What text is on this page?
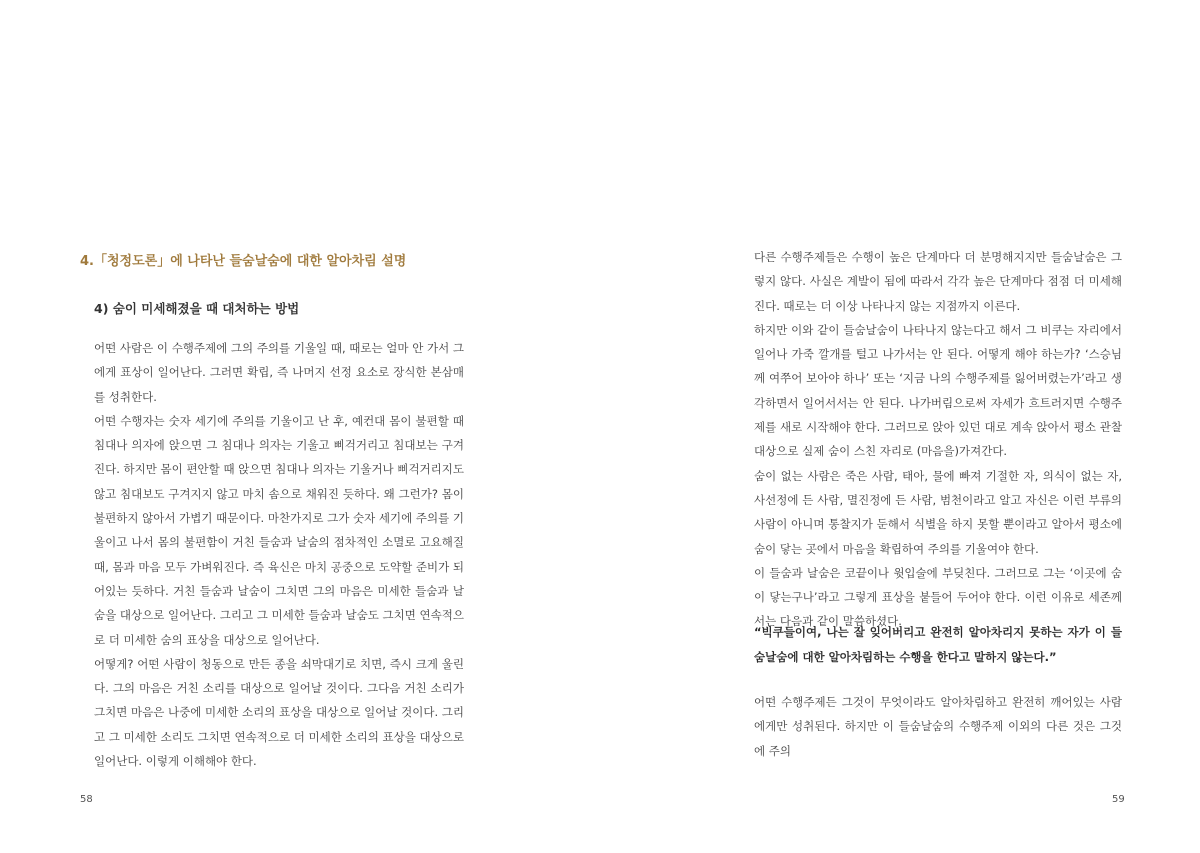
4.「청정도론」에 나타난 들숨날숨에 대한 알아차림 설명
4) 숨이 미세해졌을 때 대처하는 방법

어떤 사람은 이 수행주제에 그의 주의를 기울일 때, 때로는 얼마 안 가서 그에게 표상이 일어난다. 그러면 확립, 즉 나머지 선정 요소로 장식한 본삼매를 성취한다.

어떤 수행자는 숫자 세기에 주의를 기울이고 난 후, 예컨대 몸이 불편할 때 침대나 의자에 앉으면 그 침대나 의자는 기울고 삐걱거리고 침대보는 구겨진다. 하지만 몸이 편안할 때 앉으면 침대나 의자는 기울거나 삐걱거리지도 않고 침대보도 구겨지지 않고 마치 솜으로 채워진 듯하다. 왜 그런가? 몸이 불편하지 않아서 가볍기 때문이다. 마찬가지로 그가 숫자 세기에 주의를 기울이고 나서 몸의 불편함이 거친 들숨과 날숨의 점차적인 소멸로 고요해질 때, 몸과 마음 모두 가벼워진다. 즉 육신은 마치 공중으로 도약할 준비가 되어있는 듯하다. 거친 들숨과 날숨이 그치면 그의 마음은 미세한 들숨과 날숨을 대상으로 일어난다. 그리고 그 미세한 들숨과 날숨도 그치면 연속적으로 더 미세한 숨의 표상을 대상으로 일어난다.

어떻게? 어떤 사람이 청동으로 만든 종을 쇠막대기로 치면, 즉시 크게 울린다. 그의 마음은 거친 소리를 대상으로 일어날 것이다. 그다음 거친 소리가 그치면 마음은 나중에 미세한 소리의 표상을 대상으로 일어날 것이다. 그리고 그 미세한 소리도 그치면 연속적으로 더 미세한 소리의 표상을 대상으로 일어난다. 이렇게 이해해야 한다.

58

다른 수행주제들은 수행이 높은 단계마다 더 분명해지지만 들숨날숨은 그렇지 않다. 사실은 계발이 됨에 따라서 각각 높은 단계마다 점점 더 미세해진다. 때로는 더 이상 나타나지 않는 지점까지 이른다.

하지만 이와 같이 들숨날숨이 나타나지 않는다고 해서 그 비쿠는 자리에서 일어나 가죽 깔개를 털고 나가서는 안 된다. 어떻게 해야 하는가? ‘스승님께 여쭈어 보아야 하나’ 또는 ‘지금 나의 수행주제를 잃어버렸는가’라고 생각하면서 일어서서는 안 된다. 나가버림으로써 자세가 흐트러지면 수행주제를 새로 시작해야 한다. 그러므로 앉아 있던 대로 계속 앉아서 평소 관찰 대상으로 실제 숨이 스친 자리로 (마음을)가져간다.

숨이 없는 사람은 죽은 사람, 태아, 물에 빠져 기절한 자, 의식이 없는 자, 사선정에 든 사람, 멸진정에 든 사람, 범천이라고 알고 자신은 이런 부류의 사람이 아니며 통찰지가 둔해서 식별을 하지 못할 뿐이라고 알아서 평소에 숨이 닿는 곳에서 마음을 확립하여 주의를 기울여야 한다.

이 들숨과 날숨은 코끝이나 윗입술에 부딪친다. 그러므로 그는 ‘이곳에 숨이 닿는구나’라고 그렇게 표상을 붙들어 두어야 한다. 이런 이유로 세존께서는 다음과 같이 말씀하셨다.

“빅쿠들이여, 나는 잘 잊어버리고 완전히 알아차리지 못하는 자가 이 들숨날숨에 대한 알아차림하는 수행을 한다고 말하지 않는다.”

어떤 수행주제든 그것이 무엇이라도 알아차림하고 완전히 깨어있는 사람에게만 성취된다. 하지만 이 들숨날숨의 수행주제 이외의 다른 것은 그것에 주의

59
